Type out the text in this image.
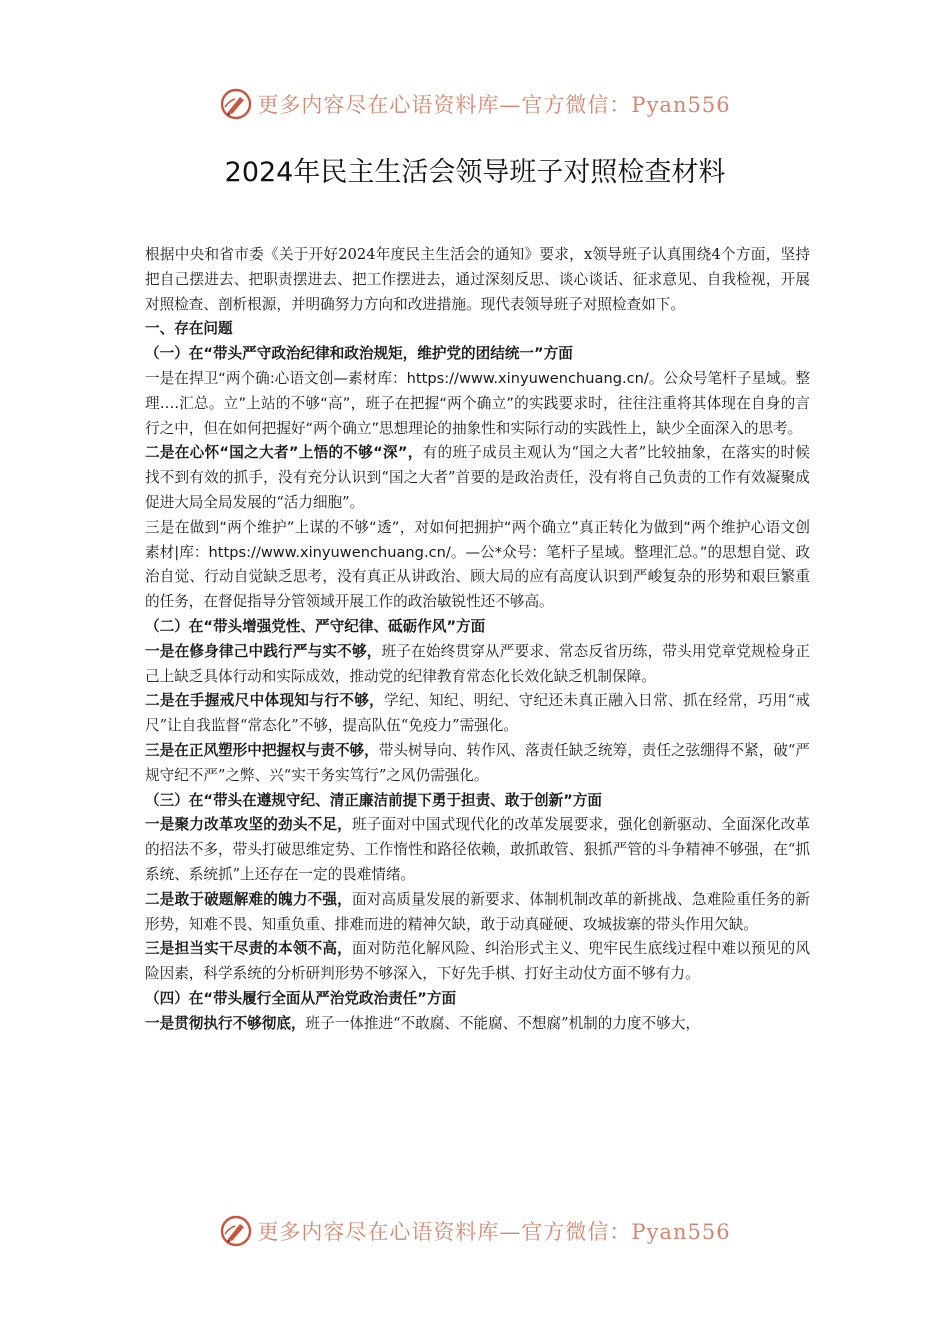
更多内容尽在心语资料库—官方微信：Pyan556
2024年民主生活会领导班子对照检查材料

根据中央和省市委《关于开好2024年度民主生活会的通知》要求，x领导班子认真围绕4个方面，坚持把自己摆进去、把职责摆进去、把工作摆进去，通过深刻反思、谈心谈话、征求意见、自我检视，开展对照检查、剖析根源，并明确努力方向和改进措施。现代表领导班子对照检查如下。

一、存在问题

（一）在“带头严守政治纪律和政治规矩，维护党的团结统一”方面

一是在捍卫“两个确:心语文创—素材库：https://www.xinyuwenchuang.cn/。公众号笔杆子星域。整理….汇总。立”上站的不够“高”，班子在把握“两个确立”的实践要求时，往往注重将其体现在自身的言行之中，但在如何把握好“两个确立”思想理论的抽象性和实际行动的实践性上，缺少全面深入的思考。

二是在心怀“国之大者”上悟的不够“深”，有的班子成员主观认为“国之大者”比较抽象，在落实的时候找不到有效的抓手，没有充分认识到“国之大者”首要的是政治责任，没有将自己负责的工作有效凝聚成促进大局全局发展的“活力细胞”。

三是在做到“两个维护”上谋的不够“透”，对如何把拥护“两个确立”真正转化为做到“两个维护心语文创素材|库：https://www.xinyuwenchuang.cn/。—公*众号：笔杆子星域。整理汇总。”的思想自觉、政治自觉、行动自觉缺乏思考，没有真正从讲政治、顾大局的应有高度认识到严峻复杂的形势和艰巨繁重的任务，在督促指导分管领域开展工作的政治敏锐性还不够高。

（二）在“带头增强党性、严守纪律、砥砺作风”方面

一是在修身律己中践行严与实不够，班子在始终贯穿从严要求、常态反省历练，带头用党章党规检身正己上缺乏具体行动和实际成效，推动党的纪律教育常态化长效化缺乏机制保障。

二是在手握戒尺中体现知与行不够，学纪、知纪、明纪、守纪还未真正融入日常、抓在经常，巧用“戒尺”让自我监督“常态化”不够，提高队伍“免疫力”需强化。

三是在正风塑形中把握权与责不够，带头树导向、转作风、落责任缺乏统筹，责任之弦绷得不紧，破“严规守纪不严”之弊、兴“实干务实笃行”之风仍需强化。

（三）在“带头在遵规守纪、清正廉洁前提下勇于担责、敢于创新”方面

一是聚力改革攻坚的劲头不足，班子面对中国式现代化的改革发展要求，强化创新驱动、全面深化改革的招法不多，带头打破思维定势、工作惰性和路径依赖，敢抓敢管、狠抓严管的斗争精神不够强，在“抓系统、系统抓”上还存在一定的畏难情绪。

二是敢于破题解难的魄力不强，面对高质量发展的新要求、体制机制改革的新挑战、急难险重任务的新形势，知难不畏、知重负重、排难而进的精神欠缺，敢于动真碰硬、攻城拔寨的带头作用欠缺。

三是担当实干尽责的本领不高，面对防范化解风险、纠治形式主义、兜牢民生底线过程中难以预见的风险因素，科学系统的分析研判形势不够深入，下好先手棋、打好主动仗方面不够有力。

（四）在“带头履行全面从严治党政治责任”方面

一是贯彻执行不够彻底，班子一体推进“不敢腐、不能腐、不想腐”机制的力度不够大，

更多内容尽在心语资料库—官方微信：Pyan556
